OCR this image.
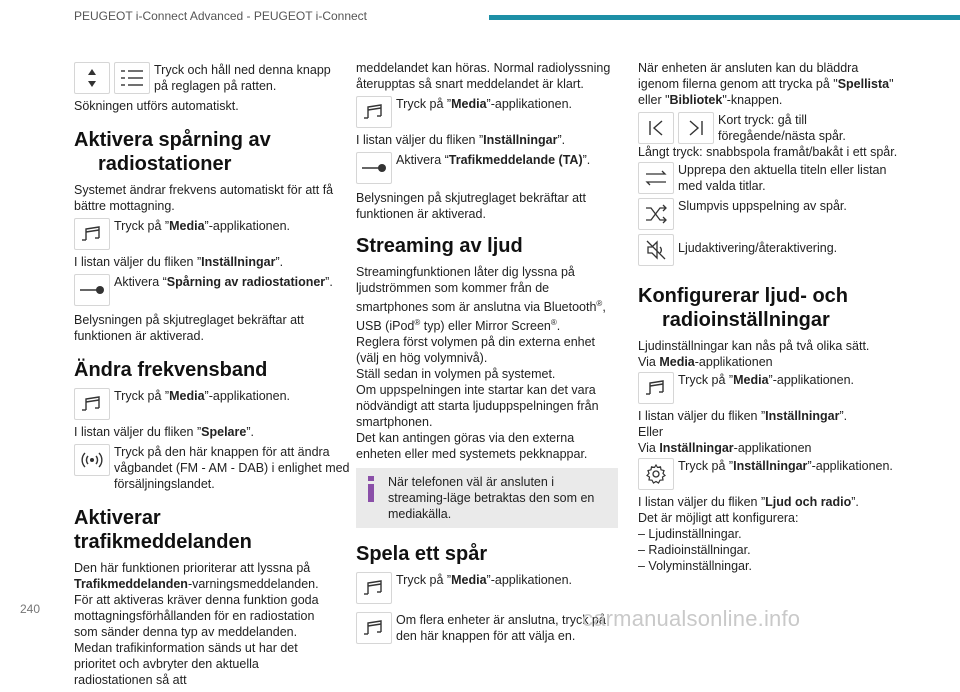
PEUGEOT i-Connect Advanced - PEUGEOT i-Connect

Tryck och håll ned denna knapp på reglagen på ratten.

Sökningen utförs automatiskt.

Aktivera spårning av radiostationer

Systemet ändrar frekvens automatiskt för att få bättre mottagning.

Tryck på ”Media”-applikationen.

I listan väljer du fliken ”Inställningar”.

Aktivera “Spårning av radiostationer”.

Belysningen på skjutreglaget bekräftar att funktionen är aktiverad.

Ändra frekvensband

Tryck på ”Media”-applikationen.

I listan väljer du fliken ”Spelare”.

Tryck på den här knappen för att ändra vågbandet (FM - AM - DAB) i enlighet med försäljningslandet.

Aktiverar trafikmeddelanden

Den här funktionen prioriterar att lyssna på Trafikmeddelanden-varningsmeddelanden.

För att aktiveras kräver denna funktion goda mottagningsförhållanden för en radiostation som sänder denna typ av meddelanden. Medan trafikinformation sänds ut har det prioritet och avbryter den aktuella radiostationen så att

meddelandet kan höras. Normal radiolyssning återupptas så snart meddelandet är klart.

Tryck på ”Media”-applikationen.

I listan väljer du fliken ”Inställningar”.

Aktivera “Trafikmeddelande (TA)”.

Belysningen på skjutreglaget bekräftar att funktionen är aktiverad.

Streaming av ljud

Streamingfunktionen låter dig lyssna på ljudströmmen som kommer från de smartphones som är anslutna via Bluetooth®, USB (iPod® typ) eller Mirror Screen®.

Reglera först volymen på din externa enhet (välj en hög volymnivå).

Ställ sedan in volymen på systemet.

Om uppspelningen inte startar kan det vara nödvändigt att starta ljuduppspelningen från smartphonen.

Det kan antingen göras via den externa enheten eller med systemets pekknappar.

När telefonen väl är ansluten i streaming-läge betraktas den som en mediakälla.

Spela ett spår

Tryck på ”Media”-applikationen.

Om flera enheter är anslutna, tryck på den här knappen för att välja en.

När enheten är ansluten kan du bläddra igenom filerna genom att trycka på "Spellista" eller "Bibliotek"-knappen.

Kort tryck: gå till föregående/nästa spår.

Långt tryck: snabbspola framåt/bakåt i ett spår.

Upprepa den aktuella titeln eller listan med valda titlar.

Slumpvis uppspelning av spår.

Ljudaktivering/återaktivering.

Konfigurerar ljud- och radioinställningar

Ljudinställningar kan nås på två olika sätt.

Via Media-applikationen

Tryck på ”Media”-applikationen.

I listan väljer du fliken ”Inställningar”.

Eller

Via Inställningar-applikationen

Tryck på ”Inställningar”-applikationen.

I listan väljer du fliken ”Ljud och radio”.

Det är möjligt att konfigurera:

– Ljudinställningar.

– Radioinställningar.

– Volyminställningar.

240	carmanualsonline.info
